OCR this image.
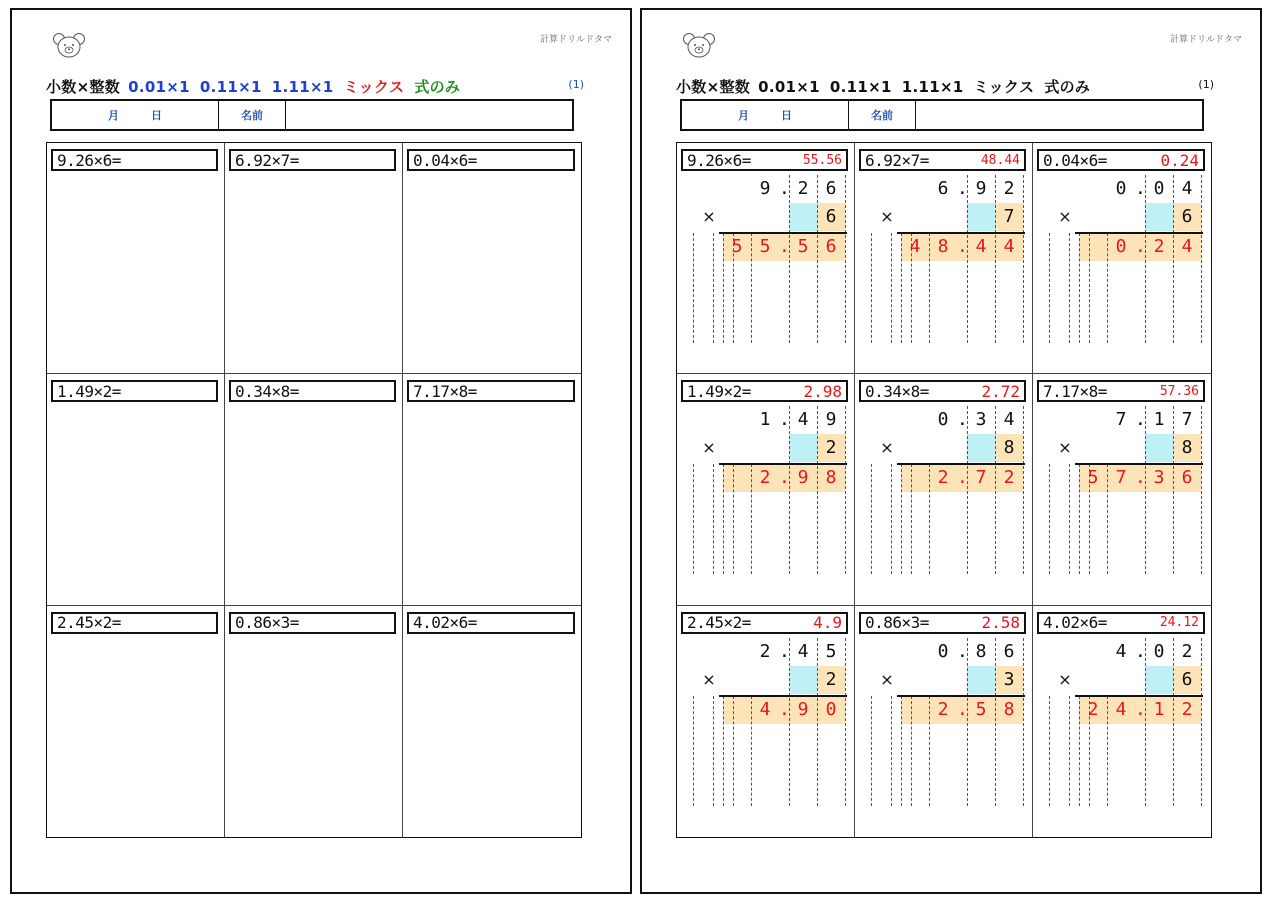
計算ドリルドタマ
小数×整数 0.01×1 0.11×1 1.11×1 ミックス 式のみ	(1)
月	日	名前
9.26×6=	6.92×7=	0.04×6=
1.49×2=	0.34×8=	7.17×8=
2.45×2=	0.86×3=	4.02×6=
計算ドリルドタマ
小数×整数 0.01×1 0.11×1 1.11×1 ミックス 式のみ	(1)
月	日	名前
9.26×6=	55.56
9 . 2 6
×	6
5 5 . 5 6
6.92×7=	48.44
6 . 9 2
×	7
4 8 . 4 4
0.04×6=	0.24
0 . 0 4
×	6
0 . 2 4
1.49×2=	2.98
1 . 4 9
×	2
2 . 9 8
0.34×8=	2.72
0 . 3 4
×	8
2 . 7 2
7.17×8=	57.36
7 . 1 7
×	8
5 7 . 3 6
2.45×2=	4.9
2 . 4 5
×	2
4 . 9 0
0.86×3=	2.58
0 . 8 6
×	3
2 . 5 8
4.02×6=	24.12
4 . 0 2
×	6
2 4 . 1 2
